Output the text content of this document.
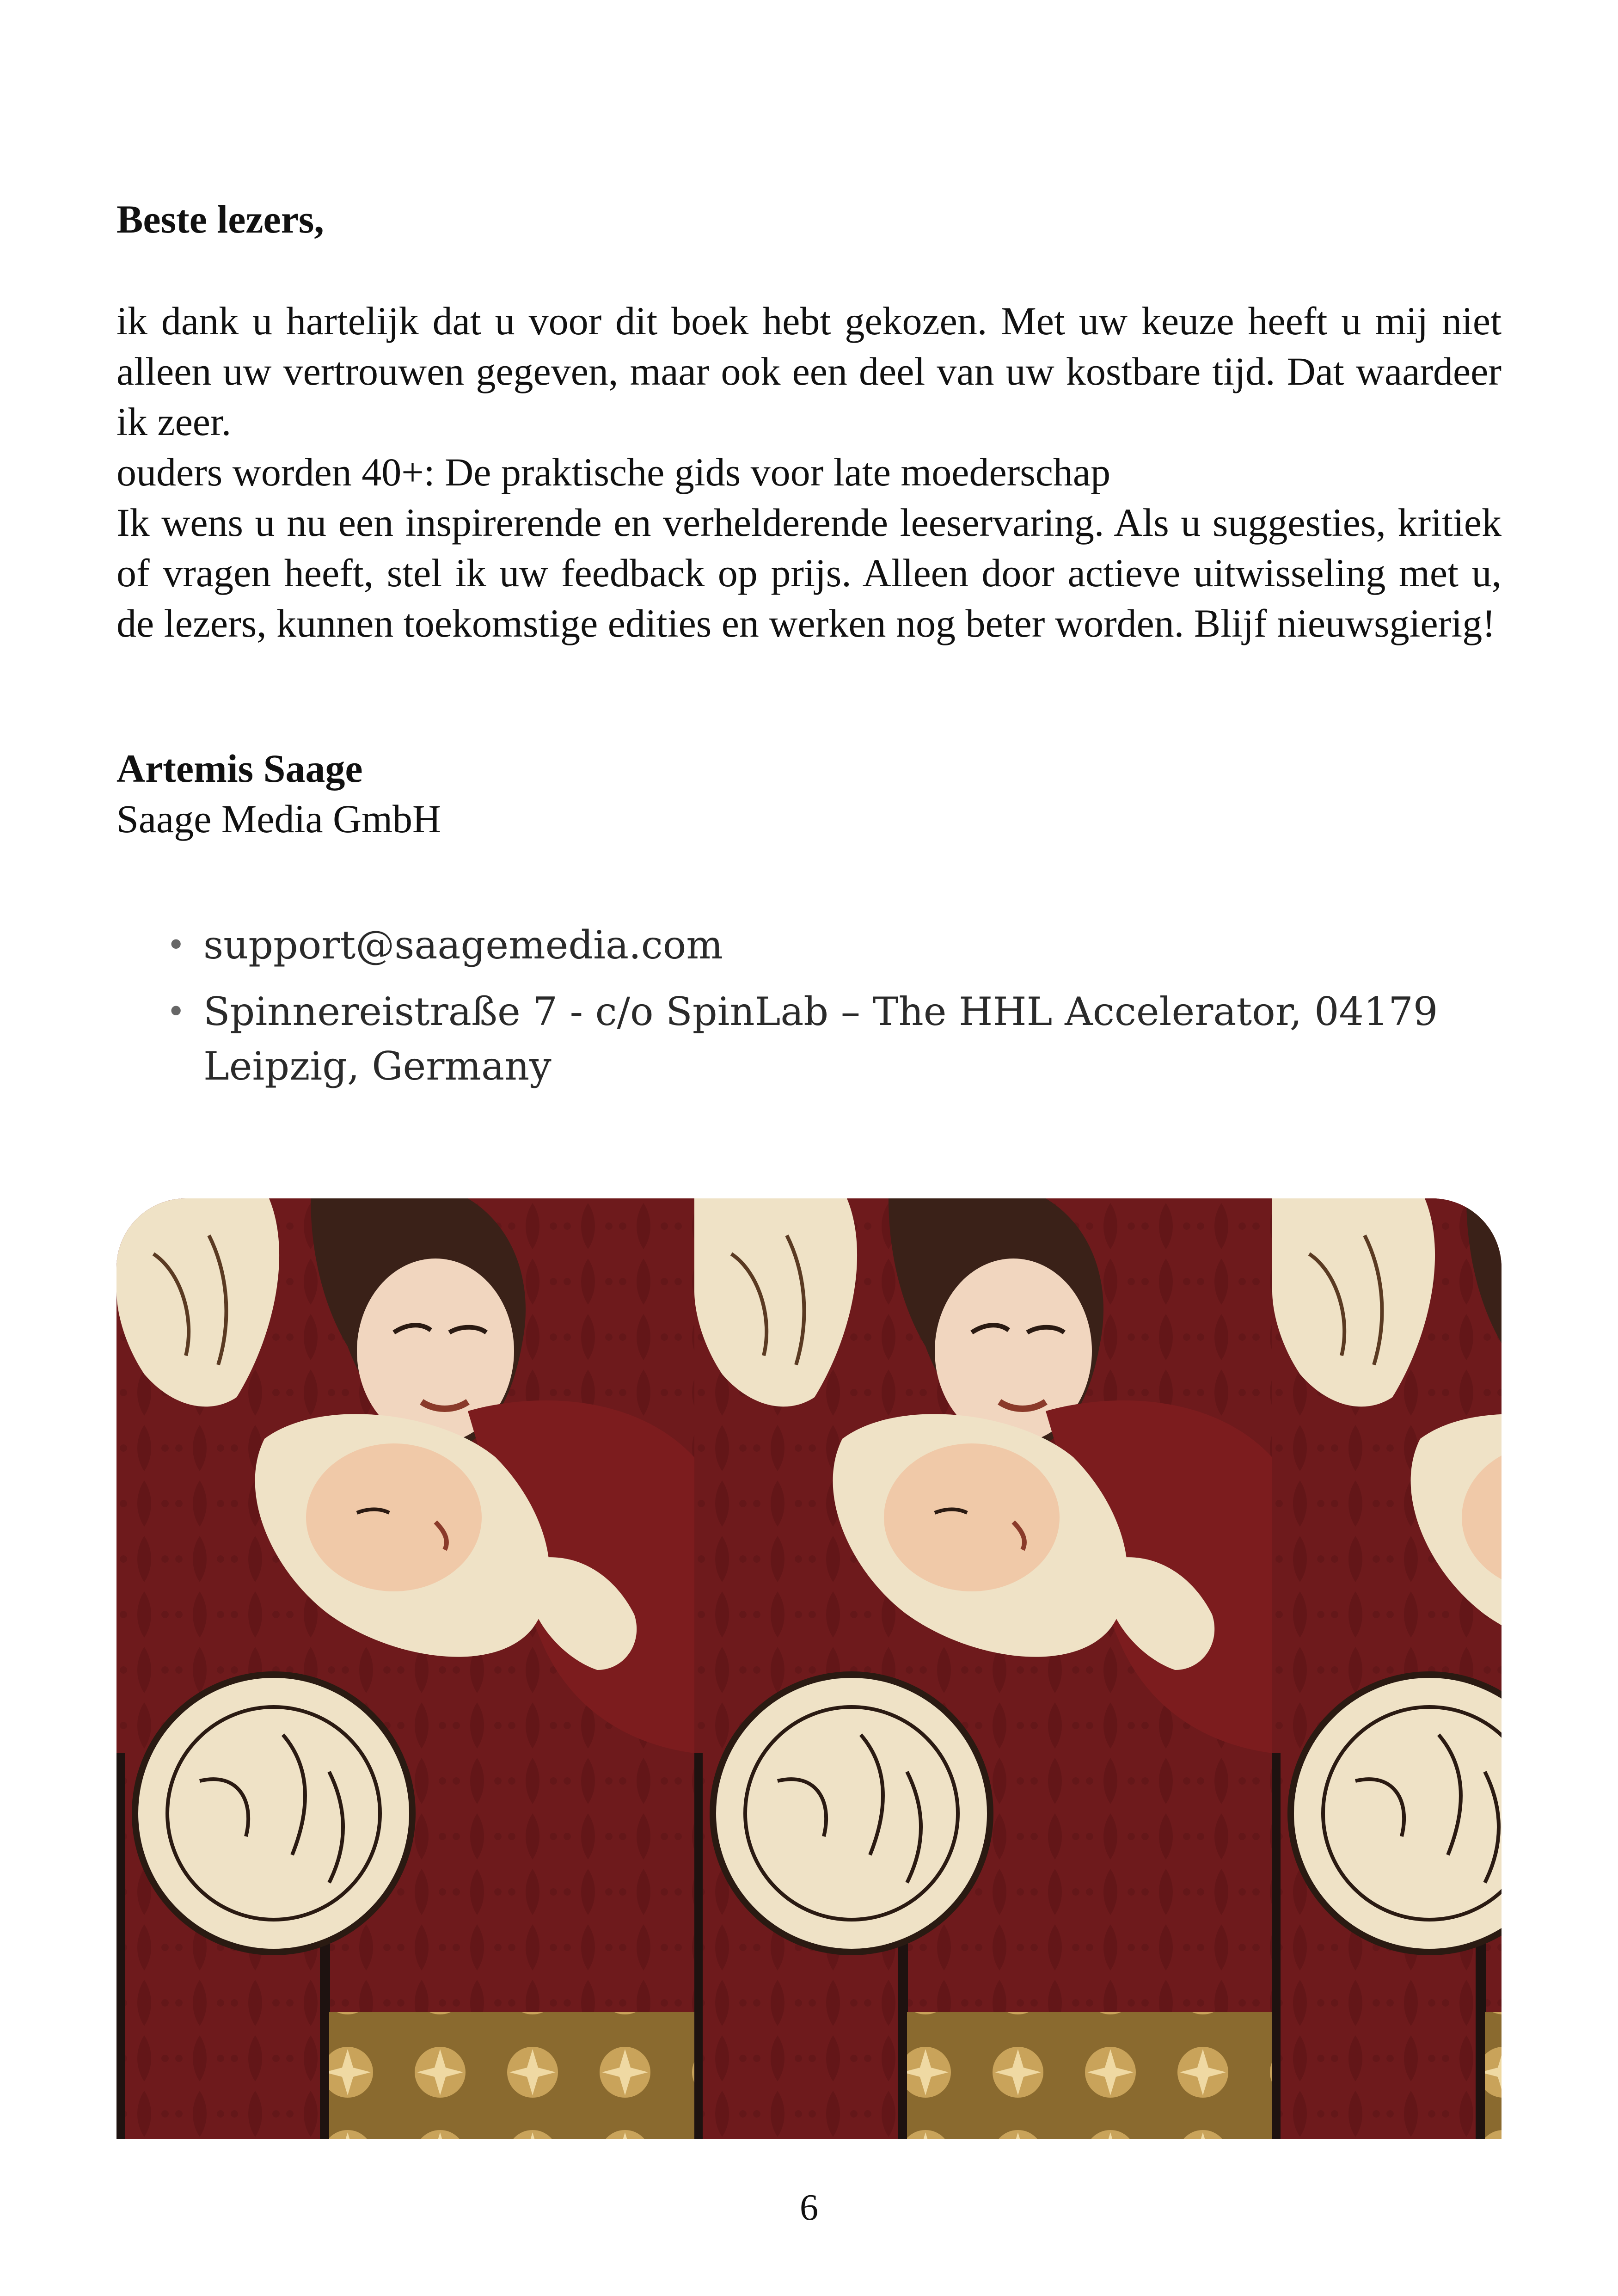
Beste lezers,

ik dank u hartelijk dat u voor dit boek hebt gekozen. Met uw keuze heeft u mij niet alleen uw vertrouwen gegeven, maar ook een deel van uw kostbare tijd. Dat waardeer ik zeer.

ouders worden 40+: De praktische gids voor late moederschap

Ik wens u nu een inspirerende en verhelderende leeservaring. Als u suggesties, kritiek of vragen heeft, stel ik uw feedback op prijs. Alleen door actieve uitwisseling met u, de lezers, kunnen toekomstige edities en werken nog beter worden. Blijf nieuwsgierig!

Artemis Saage
Saage Media GmbH
• support@saagemedia.com
• Spinnereistraße 7 - c/o SpinLab – The HHL Accelerator, 04179 Leipzig, Germany
6
